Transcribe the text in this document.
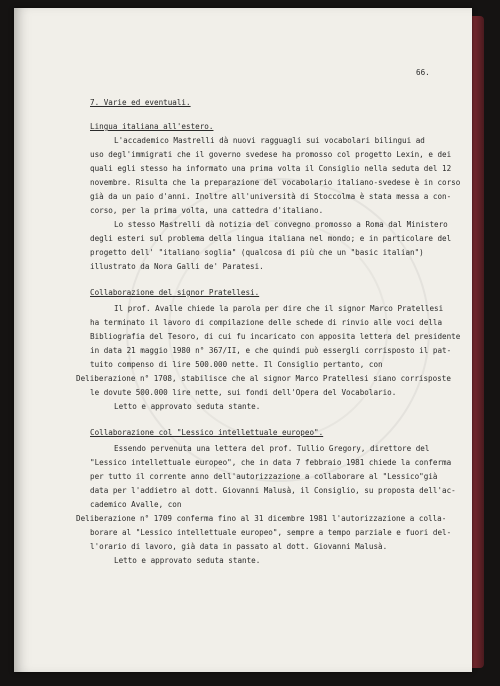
66.
7. Varie ed eventuali.
Lingua italiana all'estero.
L'accademico Mastrelli dà nuovi ragguagli sui vocabolari bilingui ad
uso degl'immigrati che il governo svedese ha promosso col progetto Lexin, e dei
quali egli stesso ha informato una prima volta il Consiglio nella seduta del 12
novembre. Risulta che la preparazione del vocabolario italiano-svedese è in corso
già da un paio d'anni. Inoltre all'università di Stoccolma è stata messa a con-
corso, per la prima volta, una cattedra d'italiano.
Lo stesso Mastrelli dà notizia del convegno promosso a Roma dal Ministero
degli esteri sul problema della lingua italiana nel mondo; e in particolare del
progetto dell' "italiano soglia" (qualcosa di più che un "basic italian")
illustrato da Nora Galli de' Paratesi.
Collaborazione del signor Pratellesi.
Il prof. Avalle chiede la parola per dire che il signor Marco Pratellesi
ha terminato il lavoro di compilazione delle schede di rinvio alle voci della
Bibliografia del Tesoro, di cui fu incaricato con apposita lettera del presidente
in data 21 maggio 1980 n° 367/II, e che quindi può essergli corrisposto il pat-
tuito compenso di lire 500.000 nette. Il Consiglio pertanto, con
Deliberazione n° 1708, stabilisce che al signor Marco Pratellesi siano corrisposte
le dovute 500.000 lire nette, sui fondi dell'Opera del Vocabolario.
Letto e approvato seduta stante.
Collaborazione col "Lessico intellettuale europeo".
Essendo pervenuta una lettera del prof. Tullio Gregory, direttore del
"Lessico intellettuale europeo", che in data 7 febbraio 1981 chiede la conferma
per tutto il corrente anno dell'autorizzazione a collaborare al "Lessico"già
data per l'addietro al dott. Giovanni Malusà, il Consiglio, su proposta dell'ac-
cademico Avalle, con
Deliberazione n° 1709 conferma fino al 31 dicembre 1981 l'autorizzazione a colla-
borare al "Lessico intellettuale europeo", sempre a tempo parziale e fuori del-
l'orario di lavoro, già data in passato al dott. Giovanni Malusà.
Letto e approvato seduta stante.
